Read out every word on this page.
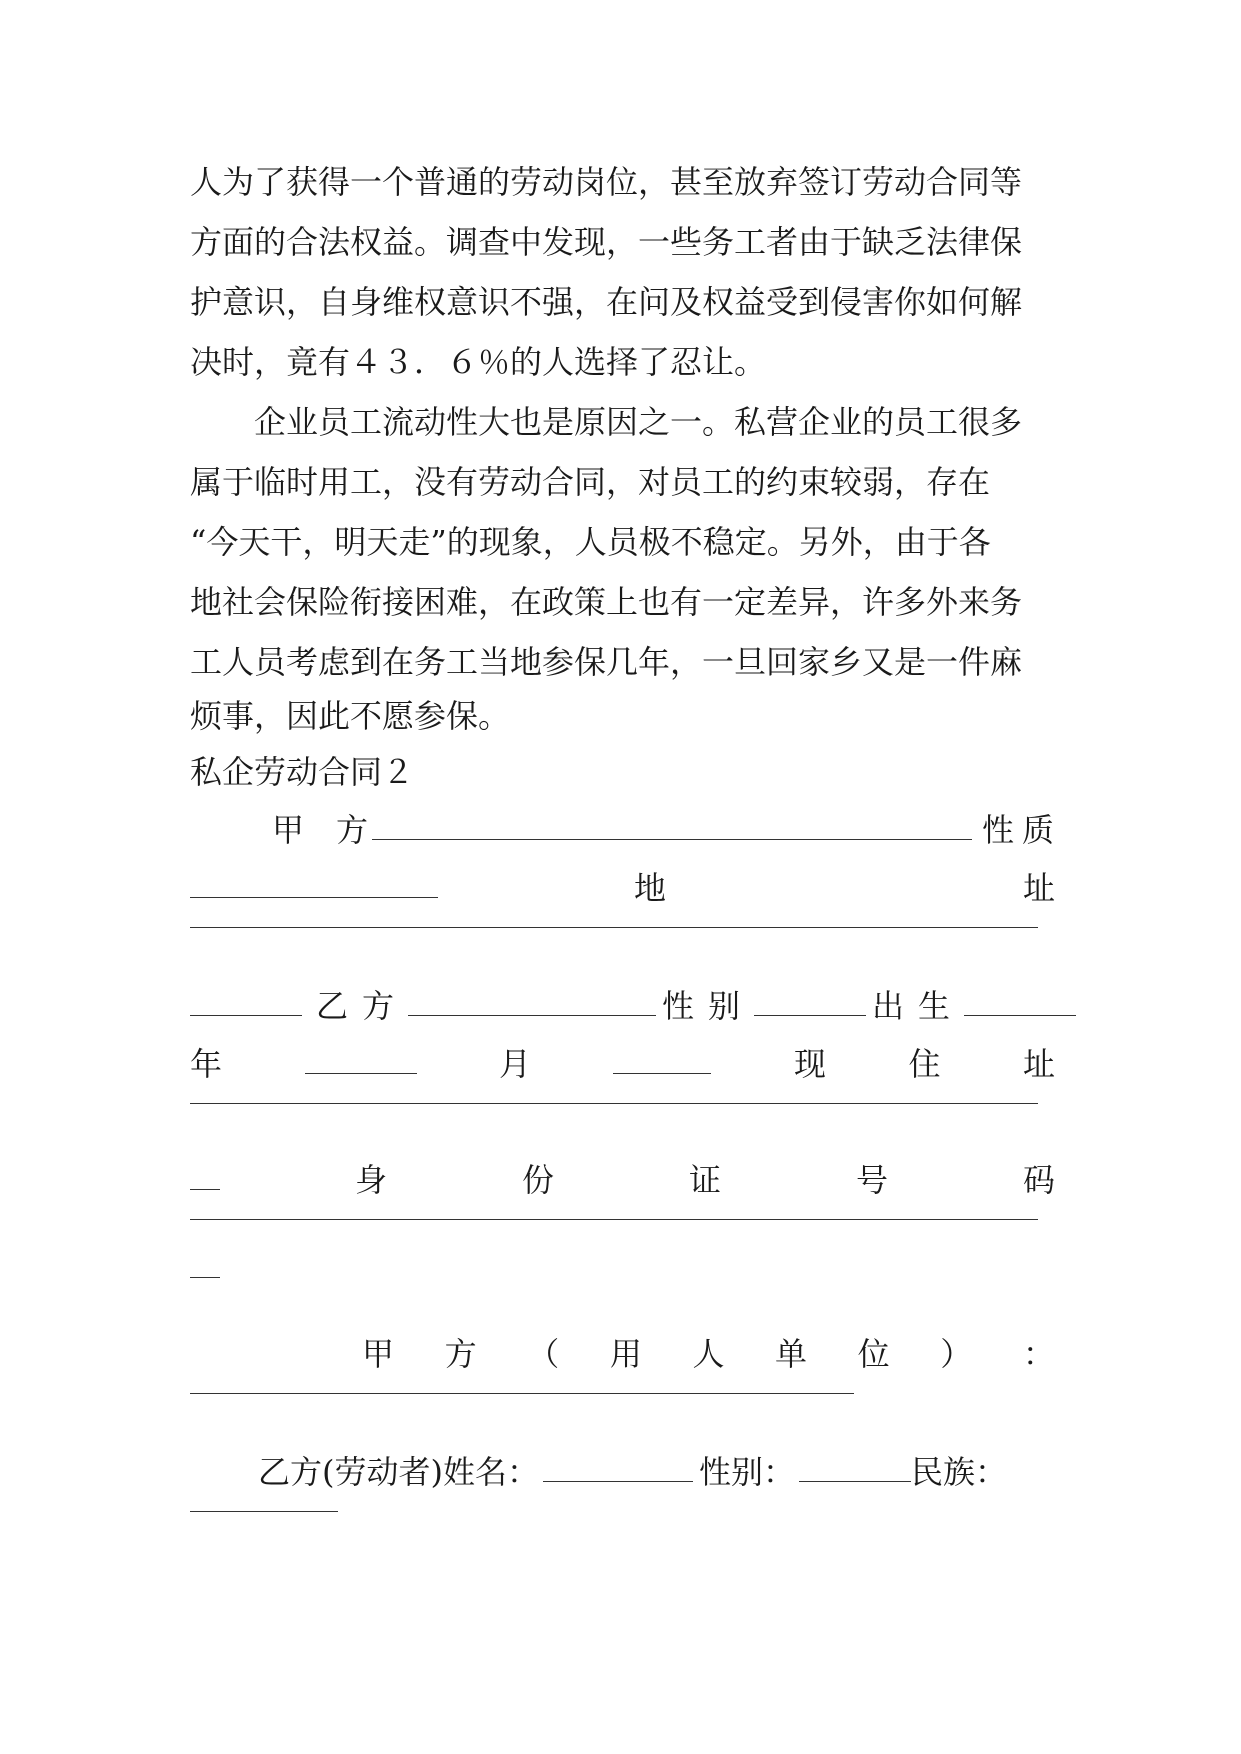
人为了获得一个普通的劳动岗位，甚至放弃签订劳动合同等
方面的合法权益。调查中发现，一些务工者由于缺乏法律保
护意识，自身维权意识不强，在问及权益受到侵害你如何解
决时，竟有４３．６％的人选择了忍让。
企业员工流动性大也是原因之一。私营企业的员工很多
属于临时用工，没有劳动合同，对员工的约束较弱，存在
“今天干，明天走”的现象，人员极不稳定。另外，由于各
地社会保险衔接困难，在政策上也有一定差异，许多外来务
工人员考虑到在务工当地参保几年，一旦回家乡又是一件麻
烦事，因此不愿参保。
私企劳动合同２
甲　方	性质
地	址
乙方	性别	出生
年	月	现	住	址
身	份	证	号	码
甲 方 （ 用 人 单 位 ） ：
乙方(劳动者)姓名：	性别：	民族：
